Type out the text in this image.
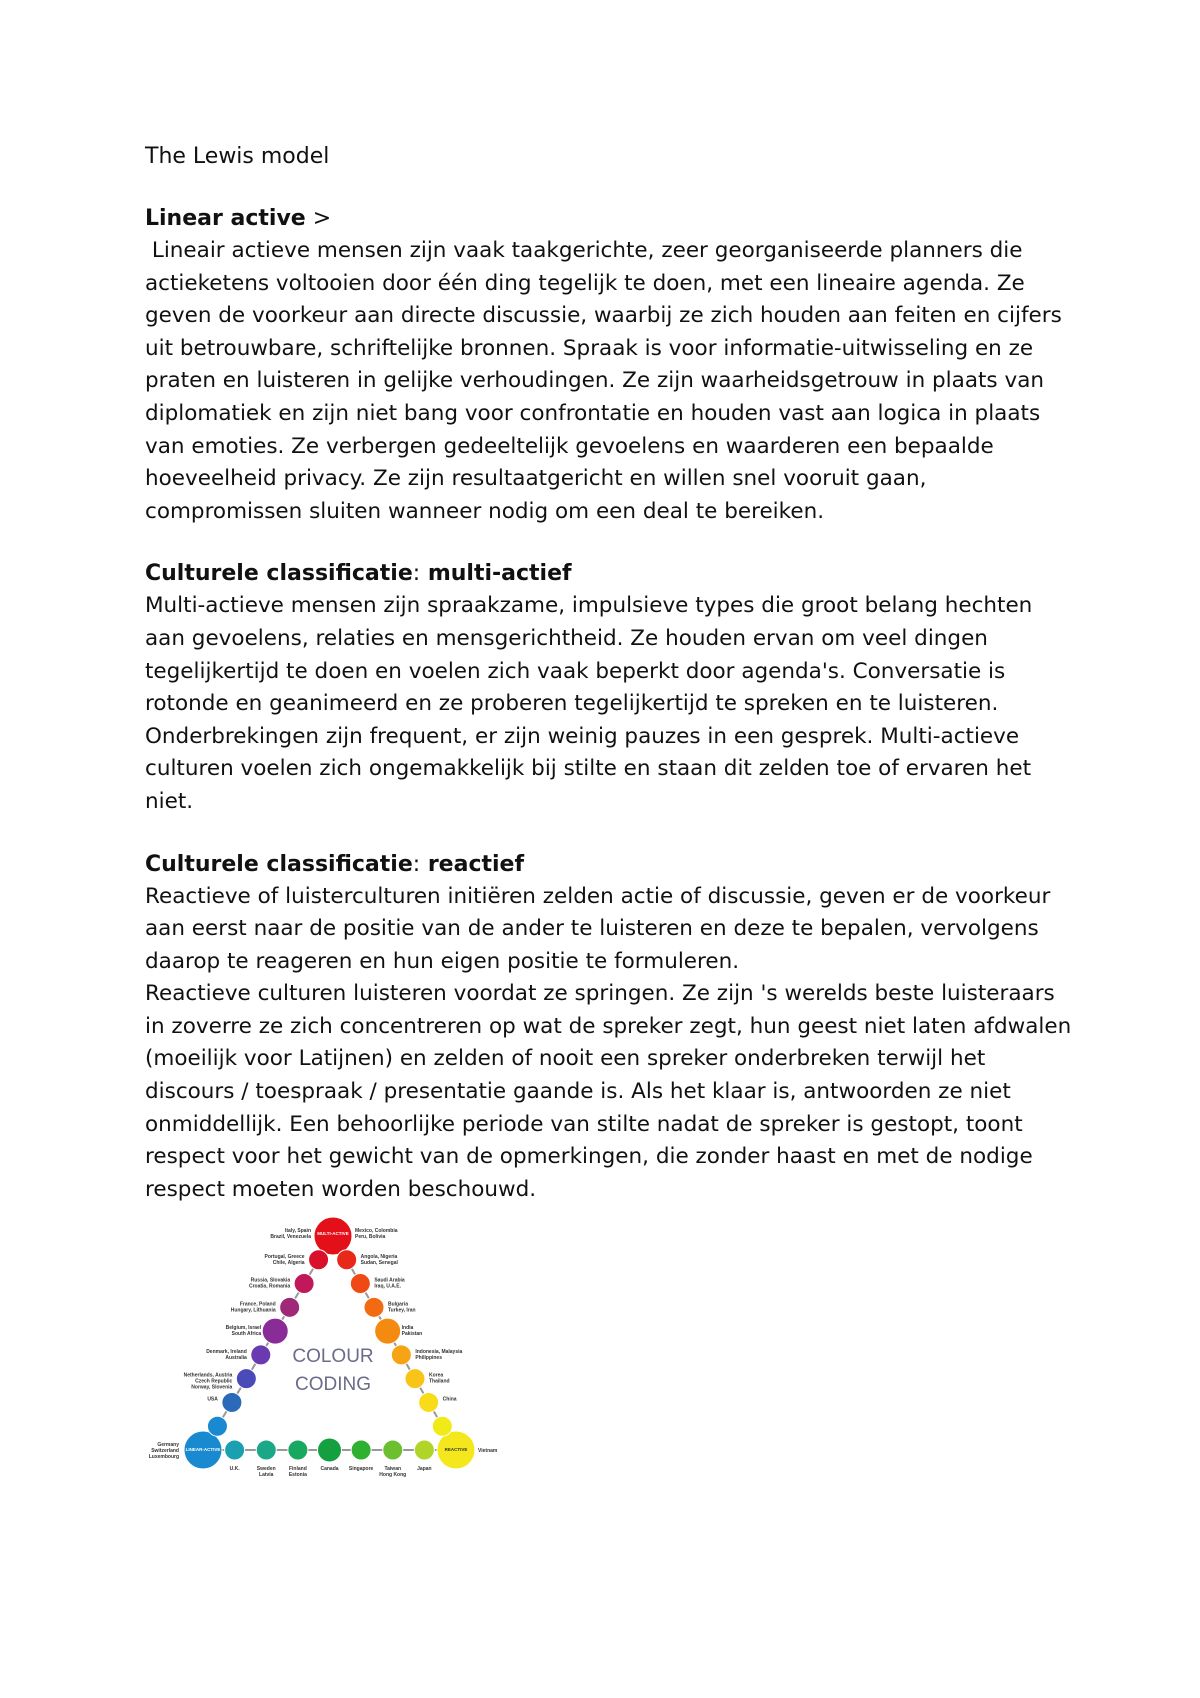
The Lewis model

Linear active >

Lineair actieve mensen zijn vaak taakgerichte, zeer georganiseerde planners die actieketens voltooien door één ding tegelijk te doen, met een lineaire agenda. Ze geven de voorkeur aan directe discussie, waarbij ze zich houden aan feiten en cijfers uit betrouwbare, schriftelijke bronnen. Spraak is voor informatie-uitwisseling en ze praten en luisteren in gelijke verhoudingen. Ze zijn waarheidsgetrouw in plaats van diplomatiek en zijn niet bang voor confrontatie en houden vast aan logica in plaats van emoties. Ze verbergen gedeeltelijk gevoelens en waarderen een bepaalde hoeveelheid privacy. Ze zijn resultaatgericht en willen snel vooruit gaan, compromissen sluiten wanneer nodig om een deal te bereiken.

Culturele classificatie: multi-actief

Multi-actieve mensen zijn spraakzame, impulsieve types die groot belang hechten aan gevoelens, relaties en mensgerichtheid. Ze houden ervan om veel dingen tegelijkertijd te doen en voelen zich vaak beperkt door agenda's. Conversatie is rotonde en geanimeerd en ze proberen tegelijkertijd te spreken en te luisteren. Onderbrekingen zijn frequent, er zijn weinig pauzes in een gesprek. Multi-actieve culturen voelen zich ongemakkelijk bij stilte en staan dit zelden toe of ervaren het niet.

Culturele classificatie: reactief

Reactieve of luisterculturen initiëren zelden actie of discussie, geven er de voorkeur aan eerst naar de positie van de ander te luisteren en deze te bepalen, vervolgens daarop te reageren en hun eigen positie te formuleren.

Reactieve culturen luisteren voordat ze springen. Ze zijn 's werelds beste luisteraars in zoverre ze zich concentreren op wat de spreker zegt, hun geest niet laten afdwalen (moeilijk voor Latijnen) en zelden of nooit een spreker onderbreken terwijl het discours / toespraak / presentatie gaande is. Als het klaar is, antwoorden ze niet onmiddellijk. Een behoorlijke periode van stilte nadat de spreker is gestopt, toont respect voor het gewicht van de opmerkingen, die zonder haast en met de nodige respect moeten worden beschouwd.

MULTI-ACTIVE
LINEAR-ACTIVE	REACTIVE
Italy, Spain
Brazil, Venezuela
Portugal, Greece
Chile, Algeria
Russia, Slovakia
Croatia, Romania
France, Poland
Hungary, Lithuania
Belgium, Israel
South Africa
Denmark, Ireland
Australia
Netherlands, Austria
Czech Republic
Norway, Slovenia
USA
Germany
Switzerland
Luxembourg
Mexico, Colombia
Peru, Bolivia
Angola, Nigeria
Sudan, Senegal
Saudi Arabia
Iraq, U.A.E.
Bulgaria
Turkey, Iran
India
Pakistan
Indonesia, Malaysia
Philippines
Korea
Thailand
China
Vietnam
U.K.	Sweden
Latvia
Finland
Estonia
Canada Singapore Taiwan
Hong Kong
Japan
COLOUR
CODING
